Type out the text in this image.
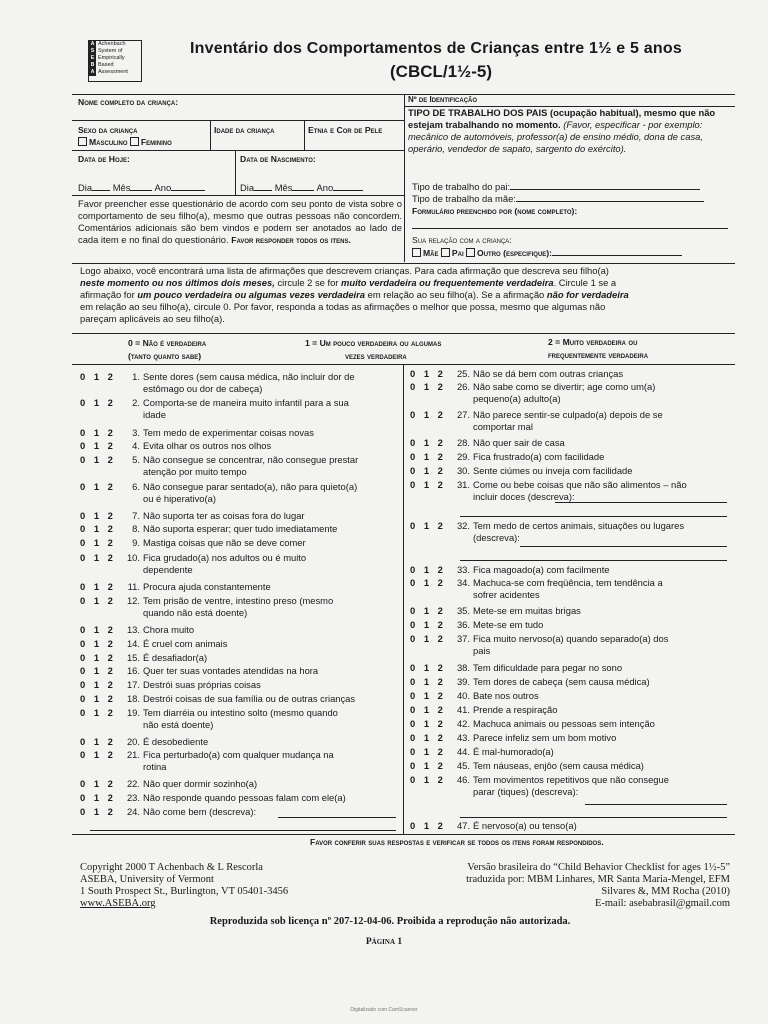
A Achenbach
S System of
E Empirically
B Based
A Assessment
Inventário dos Comportamentos de Crianças entre 1½ e 5 anos
(CBCL/1½-5)
Nome completo da criança:
Sexo da criança
Masculino Feminino
Idade da criança	Etnia e Cor de Pele
Data de Hoje:	Data de Nascimento:
Dia Mês	Ano	Dia Mês	Ano
Favor preencher esse questionário de acordo com seu ponto de vista sobre o comportamento de seu filho(a), mesmo que outras pessoas não concordem. Comentários adicionais são bem vindos e podem ser anotados ao lado de cada item e no final do questionário. Favor responder todos os itens.
Nº de Identificação
TIPO DE TRABALHO DOS PAIS (ocupação habitual), mesmo que não estejam trabalhando no momento. (Favor, especificar - por exemplo: mecânico de automóveis, professor(a) de ensino médio, dona de casa, operário, vendedor de sapato, sargento do exército).
Tipo de trabalho do pai:
Tipo de trabalho da mãe:
Formulário preenchido por (nome completo):
Sua relação com a criança:
Mãe Pai Outro (especifique):
Logo abaixo, você encontrará uma lista de afirmações que descrevem crianças. Para cada afirmação que descreva seu filho(a)
neste momento ou nos últimos dois meses, circule 2 se for muito verdadeira ou frequentemente verdadeira. Circule 1 se a
afirmação for um pouco verdadeira ou algumas vezes verdadeira em relação ao seu filho(a). Se a afirmação não for verdadeira
em relação ao seu filho(a), circule 0. Por favor, responda a todas as afirmações o melhor que possa, mesmo que algumas não
pareçam aplicáveis ao seu filho(a).
0 = Não é verdadeira
(tanto quanto sabe)
1 = Um pouco verdadeira ou algumas
vezes verdadeira
2 = Muito verdadeira ou
frequentemente verdadeira
0 1 2	1. Sente dores (sem causa médica, não incluir dor de
estômago ou dor de cabeça)
0 1 2	2. Comporta-se de maneira muito infantil para a sua
idade
0 1 2	3. Tem medo de experimentar coisas novas
0 1 2	4. Evita olhar os outros nos olhos
0 1 2	5. Não consegue se concentrar, não consegue prestar
atenção por muito tempo
0 1 2	6. Não consegue parar sentado(a), não para quieto(a)
ou é hiperativo(a)
0 1 2	7. Não suporta ter as coisas fora do lugar
0 1 2	8. Não suporta esperar; quer tudo imediatamente
0 1 2	9. Mastiga coisas que não se deve comer
0 1 2	10. Fica grudado(a) nos adultos ou é muito
dependente
0 1 2	11. Procura ajuda constantemente
0 1 2	12. Tem prisão de ventre, intestino preso (mesmo
quando não está doente)
0 1 2	13. Chora muito
0 1 2	14. É cruel com animais
0 1 2	15. É desafiador(a)
0 1 2	16. Quer ter suas vontades atendidas na hora
0 1 2	17. Destrói suas próprias coisas
0 1 2	18. Destrói coisas de sua família ou de outras crianças
0 1 2	19. Tem diarréia ou intestino solto (mesmo quando
não está doente)
0 1 2	20. É desobediente
0 1 2	21. Fica perturbado(a) com qualquer mudança na
rotina
0 1 2	22. Não quer dormir sozinho(a)
0 1 2	23. Não responde quando pessoas falam com ele(a)
0 1 2	24. Não come bem (descreva):
0 1 2	25. Não se dá bem com outras crianças
0 1 2	26. Não sabe como se divertir; age como um(a)
pequeno(a) adulto(a)
0 1 2	27. Não parece sentir-se culpado(a) depois de se
comportar mal
0 1 2	28. Não quer sair de casa
0 1 2	29. Fica frustrado(a) com facilidade
0 1 2	30. Sente ciúmes ou inveja com facilidade
0 1 2	31. Come ou bebe coisas que não são alimentos – não
incluir doces (descreva):
0 1 2	32. Tem medo de certos animais, situações ou lugares
(descreva):
0 1 2	33. Fica magoado(a) com facilmente
0 1 2	34. Machuca-se com freqüência, tem tendência a
sofrer acidentes
0 1 2	35. Mete-se em muitas brigas
0 1 2	36. Mete-se em tudo
0 1 2	37. Fica muito nervoso(a) quando separado(a) dos
pais
0 1 2	38. Tem dificuldade para pegar no sono
0 1 2	39. Tem dores de cabeça (sem causa médica)
0 1 2	40. Bate nos outros
0 1 2	41. Prende a respiração
0 1 2	42. Machuca animais ou pessoas sem intenção
0 1 2	43. Parece infeliz sem um bom motivo
0 1 2	44. É mal-humorado(a)
0 1 2	45. Tem náuseas, enjôo (sem causa médica)
0 1 2	46. Tem movimentos repetitivos que não consegue
parar (tiques) (descreva):
0 1 2	47. É nervoso(a) ou tenso(a)
Favor conferir suas respostas e verificar se todos os itens foram respondidos.
Copyright 2000 T Achenbach & L Rescorla
ASEBA, University of Vermont
1 South Prospect St., Burlington, VT 05401-3456
www.ASEBA.org
Versão brasileira do “Child Behavior Checklist for ages 1½-5”
traduzida por: MBM Linhares, MR Santa Maria-Mengel, EFM
Silvares &, MM Rocha (2010)
E-mail: asebabrasil@gmail.com
Reproduzida sob licença nº 207-12-04-06. Proibida a reprodução não autorizada.
Página 1
Digitalizado com CamScanner
